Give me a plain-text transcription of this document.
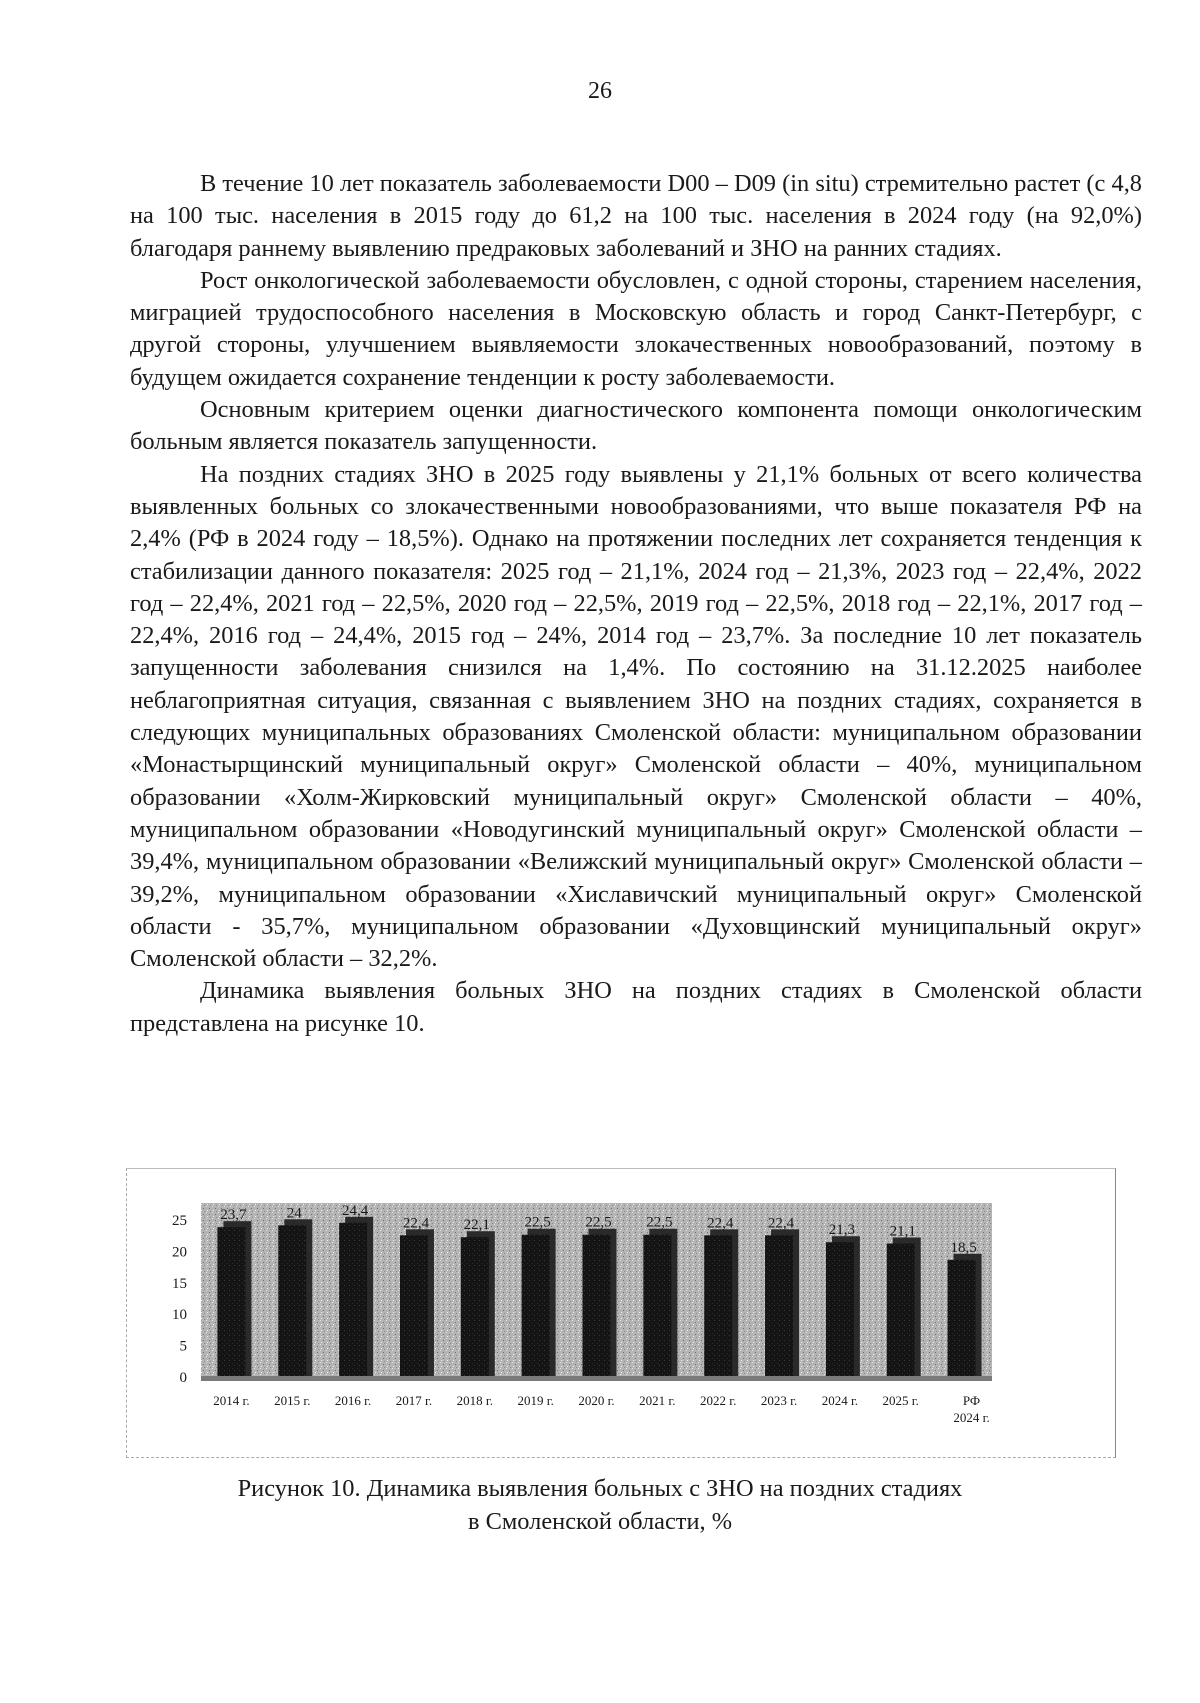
26

В течение 10 лет показатель заболеваемости D00 – D09 (in situ) стремительно растет (с 4,8 на 100 тыс. населения в 2015 году до 61,2 на 100 тыс. населения в 2024 году (на 92,0%) благодаря раннему выявлению предраковых заболеваний и ЗНО на ранних стадиях.

Рост онкологической заболеваемости обусловлен, с одной стороны, старением населения, миграцией трудоспособного населения в Московскую область и город Санкт-Петербург, с другой стороны, улучшением выявляемости злокачественных новообразований, поэтому в будущем ожидается сохранение тенденции к росту заболеваемости.

Основным критерием оценки диагностического компонента помощи онкологическим больным является показатель запущенности.

На поздних стадиях ЗНО в 2025 году выявлены у 21,1% больных от всего количества выявленных больных со злокачественными новообразованиями, что выше показателя РФ на 2,4% (РФ в 2024 году – 18,5%). Однако на протяжении последних лет сохраняется тенденция к стабилизации данного показателя: 2025 год – 21,1%, 2024 год – 21,3%, 2023 год – 22,4%, 2022 год – 22,4%, 2021 год – 22,5%, 2020 год – 22,5%, 2019 год – 22,5%, 2018 год – 22,1%, 2017 год – 22,4%, 2016 год – 24,4%, 2015 год – 24%, 2014 год – 23,7%. За последние 10 лет показатель запущенности заболевания снизился на 1,4%. По состоянию на 31.12.2025 наиболее неблагоприятная ситуация, связанная с выявлением ЗНО на поздних стадиях, сохраняется в следующих муниципальных образованиях Смоленской области: муниципальном образовании «Монастырщинский муниципальный округ» Смоленской области – 40%, муниципальном образовании «Холм-Жирковский муниципальный округ» Смоленской области – 40%, муниципальном образовании «Новодугинский муниципальный округ» Смоленской области – 39,4%, муниципальном образовании «Велижский муниципальный округ» Смоленской области – 39,2%, муниципальном образовании «Хиславичский муниципальный округ» Смоленской области - 35,7%, муниципальном образовании «Духовщинский муниципальный округ» Смоленской области – 32,2%.

Динамика выявления больных ЗНО на поздних стадиях в Смоленской области представлена на рисунке 10.

0
5
10
15
20
25 23,7	24	24,4
22,4 22,1 22,5 22,5 22,5 22,4 22,4 21,3 21,1
18,5
2014 г. 2015 г. 2016 г. 2017 г. 2018 г. 2019 г. 2020 г. 2021 г. 2022 г. 2023 г. 2024 г. 2025 г.	РФ 2024 г.
Рисунок 10. Динамика выявления больных с ЗНО на поздних стадиях
в Смоленской области, %
